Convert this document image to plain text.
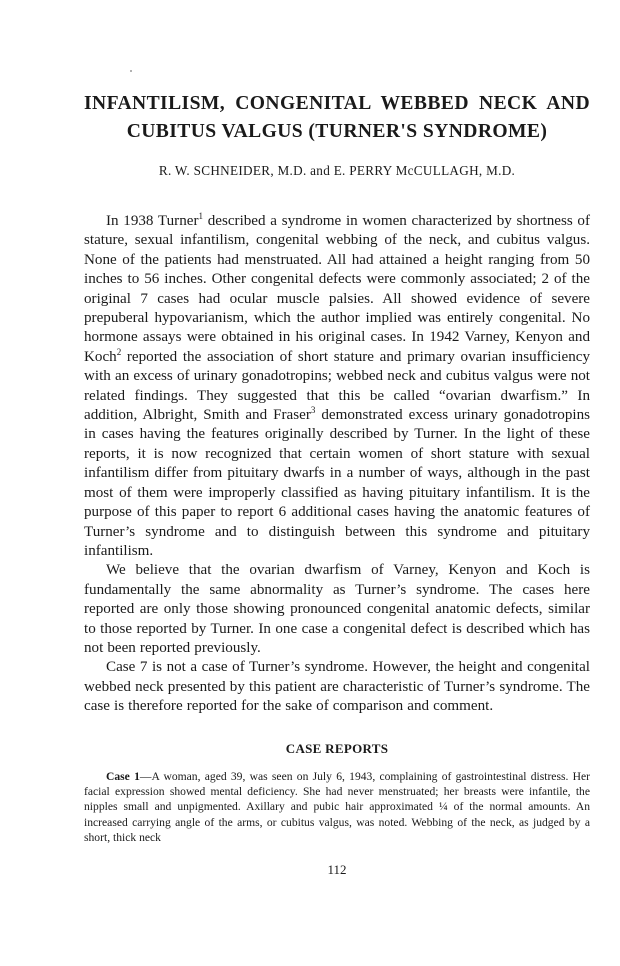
INFANTILISM, CONGENITAL WEBBED NECK AND
CUBITUS VALGUS (TURNER'S SYNDROME)

R. W. SCHNEIDER, M.D. and E. PERRY McCULLAGH, M.D.

In 1938 Turner$^1$ described a syndrome in women characterized by shortness of stature, sexual infantilism, congenital webbing of the neck, and cubitus valgus. None of the patients had menstruated. All had attained a height ranging from 50 inches to 56 inches. Other congenital defects were commonly associated; 2 of the original 7 cases had ocular muscle palsies. All showed evidence of severe prepuberal hypovarianism, which the author implied was entirely congenital. No hormone assays were obtained in his original cases. In 1942 Varney, Kenyon and Koch$^2$ reported the association of short stature and primary ovarian insufficiency with an excess of urinary gonadotropins; webbed neck and cubitus valgus were not related findings. They suggested that this be called “ovarian dwarfism.” In addition, Albright, Smith and Fraser$^3$ demonstrated excess urinary gonadotropins in cases having the features originally described by Turner. In the light of these reports, it is now recognized that certain women of short stature with sexual infantilism differ from pituitary dwarfs in a number of ways, although in the past most of them were improperly classified as having pituitary infantilism. It is the purpose of this paper to report 6 additional cases having the anatomic features of Turner’s syndrome and to distinguish between this syndrome and pituitary infantilism.

We believe that the ovarian dwarfism of Varney, Kenyon and Koch is fundamentally the same abnormality as Turner’s syndrome. The cases here reported are only those showing pronounced congenital anatomic defects, similar to those reported by Turner. In one case a congenital defect is described which has not been reported previously.

Case 7 is not a case of Turner’s syndrome. However, the height and congenital webbed neck presented by this patient are characteristic of Turner’s syndrome. The case is therefore reported for the sake of comparison and comment.

CASE REPORTS

Case 1—A woman, aged 39, was seen on July 6, 1943, complaining of gastrointestinal distress. Her facial expression showed mental deficiency. She had never menstruated; her breasts were infantile, the nipples small and unpigmented. Axillary and pubic hair approximated ¼ of the normal amounts. An increased carrying angle of the arms, or cubitus valgus, was noted. Webbing of the neck, as judged by a short, thick neck

112
